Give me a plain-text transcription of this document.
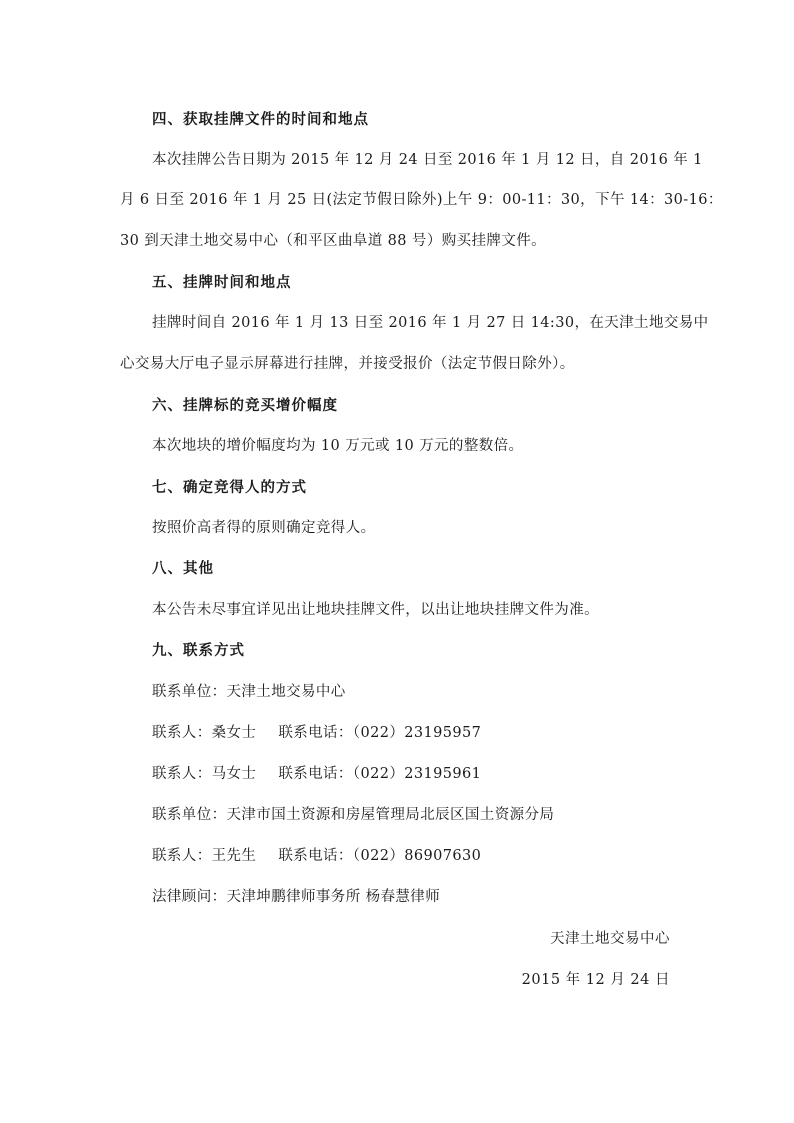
四、获取挂牌文件的时间和地点
本次挂牌公告日期为 2015 年 12 月 24 日至 2016 年 1 月 12 日，自 2016 年 1
月 6 日至 2016 年 1 月 25 日(法定节假日除外)上午 9：00-11：30，下午 14：30-16：
30 到天津土地交易中心（和平区曲阜道 88 号）购买挂牌文件。
五、挂牌时间和地点
挂牌时间自 2016 年 1 月 13 日至 2016 年 1 月 27 日 14:30，在天津土地交易中
心交易大厅电子显示屏幕进行挂牌，并接受报价（法定节假日除外）。
六、挂牌标的竞买增价幅度
本次地块的增价幅度均为 10 万元或 10 万元的整数倍。
七、确定竞得人的方式
按照价高者得的原则确定竞得人。
八、其他
本公告未尽事宜详见出让地块挂牌文件，以出让地块挂牌文件为准。
九、联系方式
联系单位：天津土地交易中心
联系人：桑女士 联系电话：（022）23195957
联系人：马女士 联系电话：（022）23195961
联系单位：天津市国土资源和房屋管理局北辰区国土资源分局
联系人：王先生 联系电话：（022）86907630
法律顾问：天津坤鹏律师事务所 杨春慧律师
天津土地交易中心
2015 年 12 月 24 日
